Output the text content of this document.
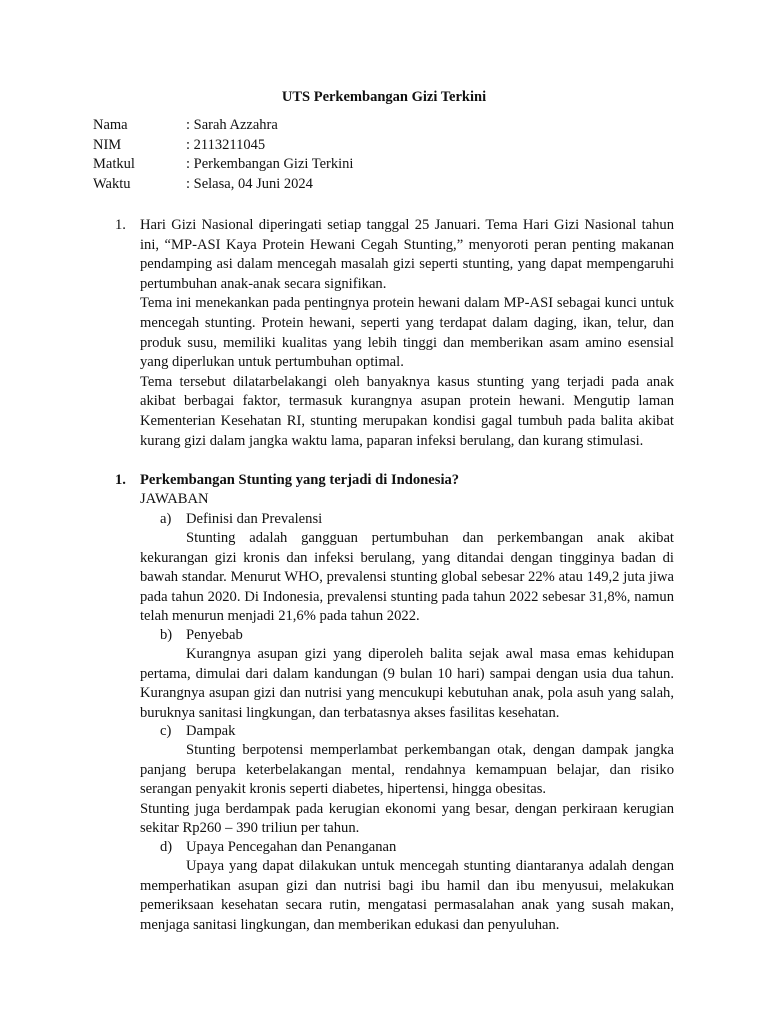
UTS Perkembangan Gizi Terkini
Nama	: Sarah Azzahra
NIM	: 2113211045
Matkul	: Perkembangan Gizi Terkini
Waktu	: Selasa, 04 Juni 2024
1. Hari Gizi Nasional diperingati setiap tanggal 25 Januari. Tema Hari Gizi Nasional tahun ini, “MP-ASI Kaya Protein Hewani Cegah Stunting,” menyoroti peran penting makanan pendamping asi dalam mencegah masalah gizi seperti stunting, yang dapat mempengaruhi pertumbuhan anak-anak secara signifikan.

Tema ini menekankan pada pentingnya protein hewani dalam MP-ASI sebagai kunci untuk mencegah stunting. Protein hewani, seperti yang terdapat dalam daging, ikan, telur, dan produk susu, memiliki kualitas yang lebih tinggi dan memberikan asam amino esensial yang diperlukan untuk pertumbuhan optimal.

Tema tersebut dilatarbelakangi oleh banyaknya kasus stunting yang terjadi pada anak akibat berbagai faktor, termasuk kurangnya asupan protein hewani. Mengutip laman Kementerian Kesehatan RI, stunting merupakan kondisi gagal tumbuh pada balita akibat kurang gizi dalam jangka waktu lama, paparan infeksi berulang, dan kurang stimulasi.

1. Perkembangan Stunting yang terjadi di Indonesia?
JAWABAN
a) Definisi dan Prevalensi

Stunting adalah gangguan pertumbuhan dan perkembangan anak akibat kekurangan gizi kronis dan infeksi berulang, yang ditandai dengan tingginya badan di bawah standar. Menurut WHO, prevalensi stunting global sebesar 22% atau 149,2 juta jiwa pada tahun 2020. Di Indonesia, prevalensi stunting pada tahun 2022 sebesar 31,8%, namun telah menurun menjadi 21,6% pada tahun 2022.

b) Penyebab

Kurangnya asupan gizi yang diperoleh balita sejak awal masa emas kehidupan pertama, dimulai dari dalam kandungan (9 bulan 10 hari) sampai dengan usia dua tahun. Kurangnya asupan gizi dan nutrisi yang mencukupi kebutuhan anak, pola asuh yang salah, buruknya sanitasi lingkungan, dan terbatasnya akses fasilitas kesehatan.

c) Dampak

Stunting berpotensi memperlambat perkembangan otak, dengan dampak jangka panjang berupa keterbelakangan mental, rendahnya kemampuan belajar, dan risiko serangan penyakit kronis seperti diabetes, hipertensi, hingga obesitas.

Stunting juga berdampak pada kerugian ekonomi yang besar, dengan perkiraan kerugian sekitar Rp260 – 390 triliun per tahun.

d) Upaya Pencegahan dan Penanganan

Upaya yang dapat dilakukan untuk mencegah stunting diantaranya adalah dengan memperhatikan asupan gizi dan nutrisi bagi ibu hamil dan ibu menyusui, melakukan pemeriksaan kesehatan secara rutin, mengatasi permasalahan anak yang susah makan, menjaga sanitasi lingkungan, dan memberikan edukasi dan penyuluhan.
